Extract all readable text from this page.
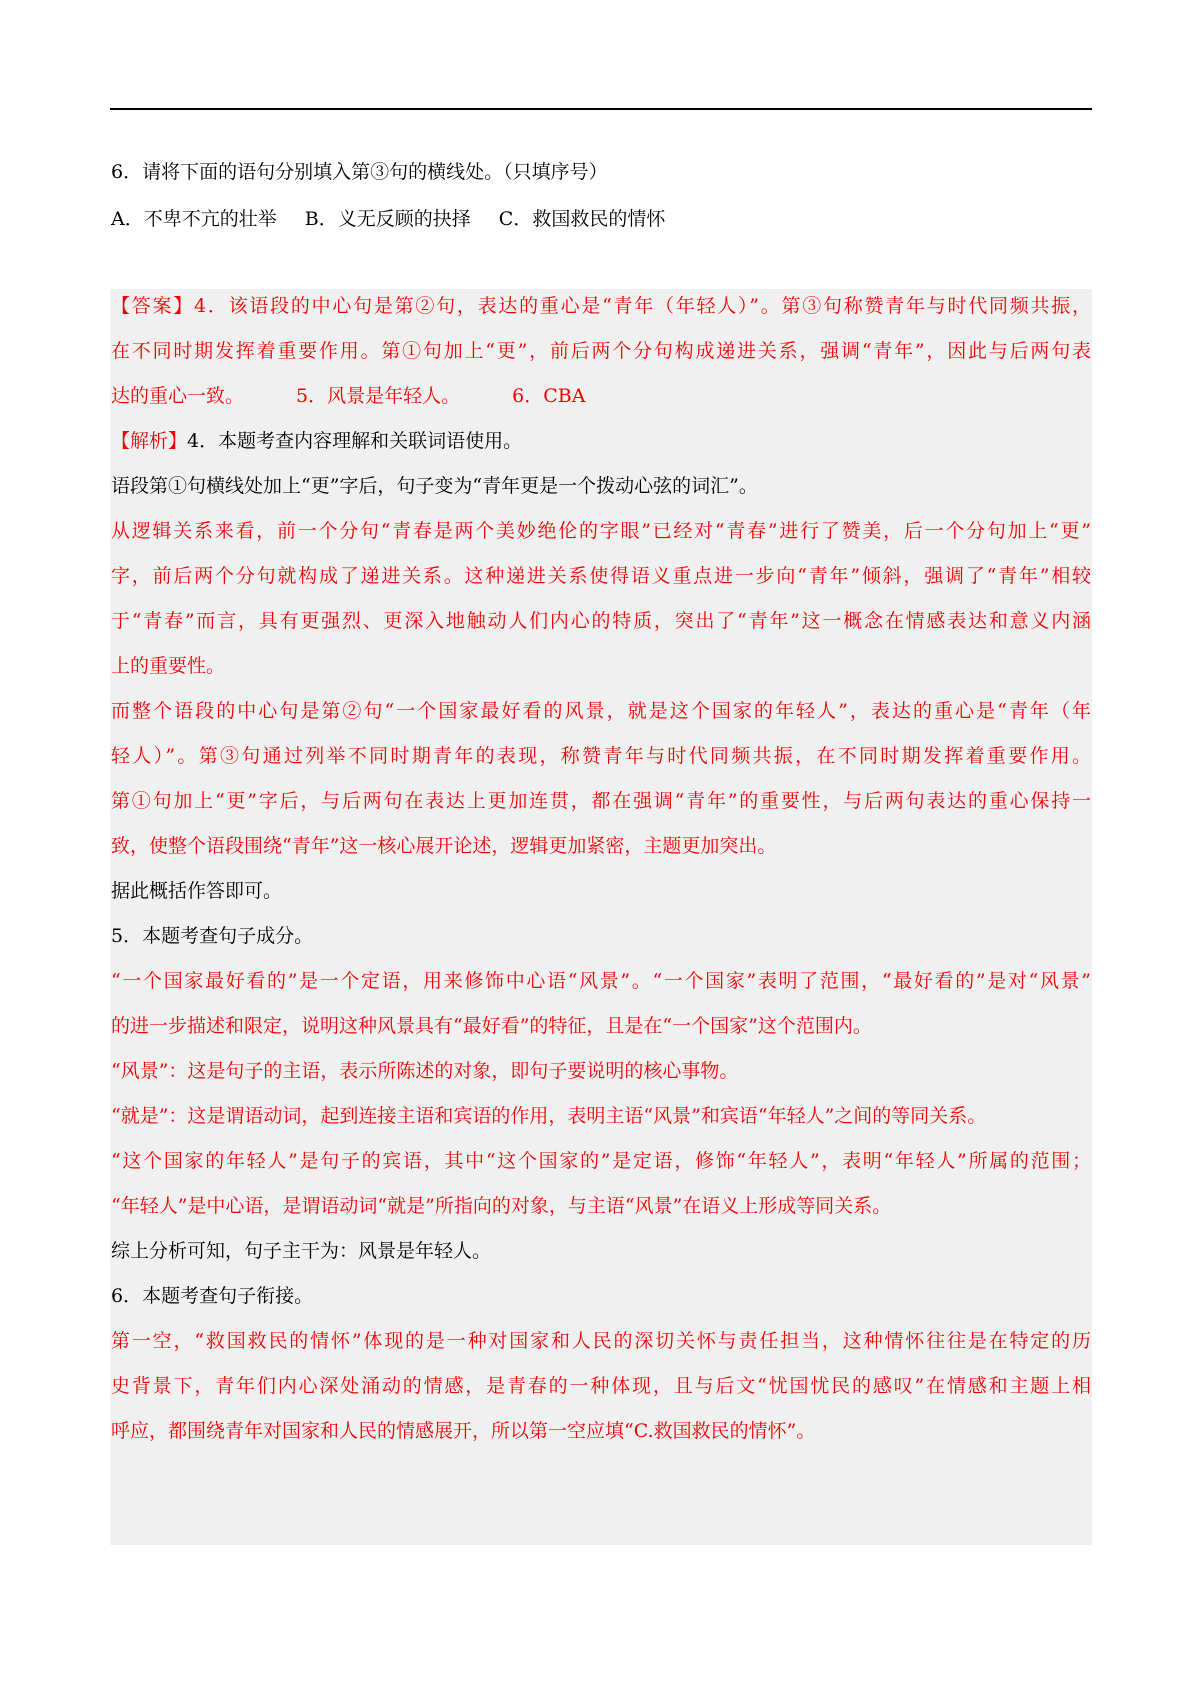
6．请将下面的语句分别填入第③句的横线处。（只填序号）
A．不卑不亢的壮举 B．义无反顾的抉择 C．救国救民的情怀
【答案】4．该语段的中心句是第②句，表达的重心是“青年（年轻人）”。第③句称赞青年与时代同频共振，
在不同时期发挥着重要作用。第①句加上“更”，前后两个分句构成递进关系，强调“青年”，因此与后两句表
达的重心一致。	5．风景是年轻人。	6．CBA
【解析】4．本题考查内容理解和关联词语使用。
语段第①句横线处加上“更”字后，句子变为“青年更是一个拨动心弦的词汇”。
从逻辑关系来看，前一个分句“青春是两个美妙绝伦的字眼”已经对“青春”进行了赞美，后一个分句加上“更”
字，前后两个分句就构成了递进关系。这种递进关系使得语义重点进一步向“青年”倾斜，强调了“青年”相较
于“青春”而言，具有更强烈、更深入地触动人们内心的特质，突出了“青年”这一概念在情感表达和意义内涵
上的重要性。
而整个语段的中心句是第②句“一个国家最好看的风景，就是这个国家的年轻人”，表达的重心是“青年（年
轻人）”。第③句通过列举不同时期青年的表现，称赞青年与时代同频共振，在不同时期发挥着重要作用。
第①句加上“更”字后，与后两句在表达上更加连贯，都在强调“青年”的重要性，与后两句表达的重心保持一
致，使整个语段围绕“青年”这一核心展开论述，逻辑更加紧密，主题更加突出。
据此概括作答即可。
5．本题考查句子成分。
“一个国家最好看的”是一个定语，用来修饰中心语“风景”。“一个国家”表明了范围，“最好看的”是对“风景”
的进一步描述和限定，说明这种风景具有“最好看”的特征，且是在“一个国家”这个范围内。
“风景”：这是句子的主语，表示所陈述的对象，即句子要说明的核心事物。
“就是”：这是谓语动词，起到连接主语和宾语的作用，表明主语“风景”和宾语“年轻人”之间的等同关系。
“这个国家的年轻人”是句子的宾语，其中“这个国家的”是定语，修饰“年轻人”，表明“年轻人”所属的范围；
“年轻人”是中心语，是谓语动词“就是”所指向的对象，与主语“风景”在语义上形成等同关系。
综上分析可知，句子主干为：风景是年轻人。
6．本题考查句子衔接。
第一空，“救国救民的情怀”体现的是一种对国家和人民的深切关怀与责任担当，这种情怀往往是在特定的历
史背景下，青年们内心深处涌动的情感，是青春的一种体现，且与后文“忧国忧民的感叹”在情感和主题上相
呼应，都围绕青年对国家和人民的情感展开，所以第一空应填“C.救国救民的情怀”。
